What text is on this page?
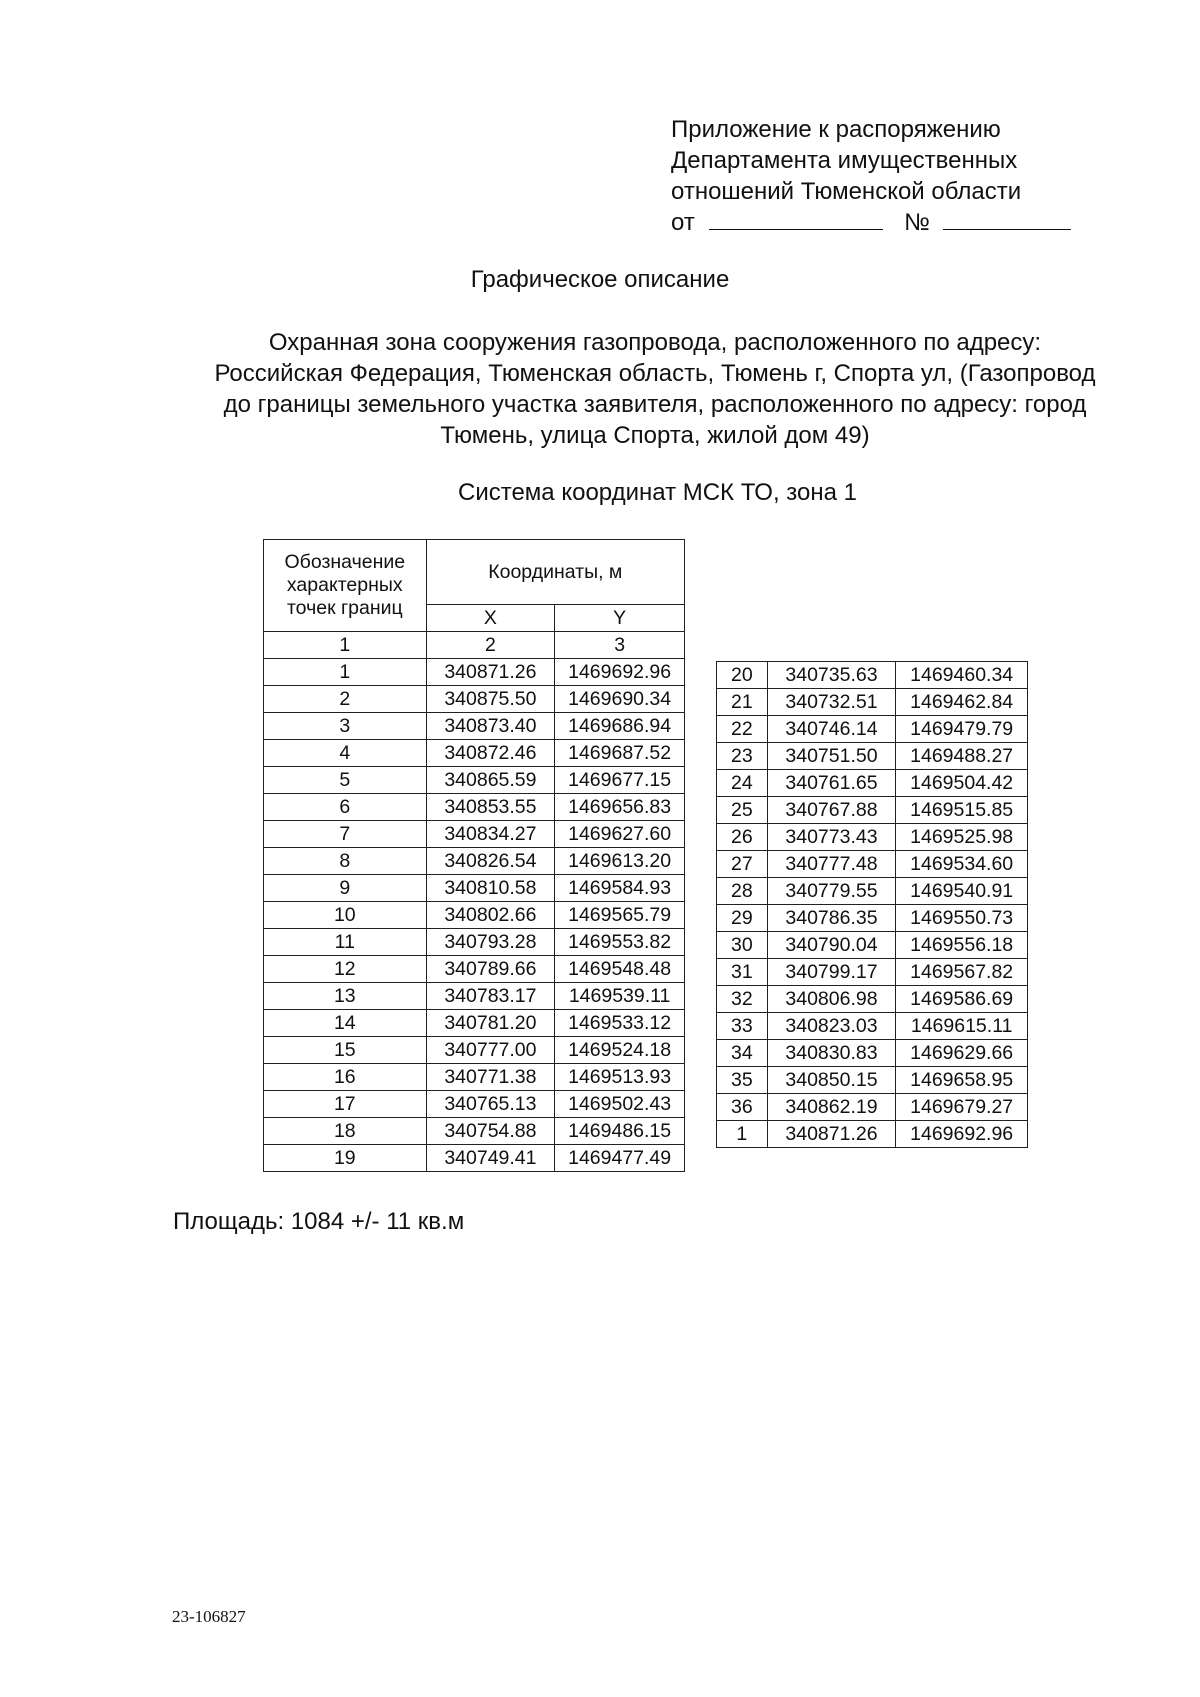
Приложение к распоряжению
Департамента имущественных
отношений Тюменской области
от	№
Графическое описание
Охранная зона сооружения газопровода, расположенного по адресу:
Российская Федерация, Тюменская область, Тюмень г, Спорта ул, (Газопровод
до границы земельного участка заявителя, расположенного по адресу: город
Тюмень, улица Спорта, жилой дом 49)
Система координат МСК ТО, зона 1
Обозначение
характерных
точек границ	Координаты, м	
	X	Y
1	2	3
1	340871.26	1469692.96
2	340875.50	1469690.34
3	340873.40	1469686.94
4	340872.46	1469687.52
5	340865.59	1469677.15
6	340853.55	1469656.83
7	340834.27	1469627.60
8	340826.54	1469613.20
9	340810.58	1469584.93
10	340802.66	1469565.79
11	340793.28	1469553.82
12	340789.66	1469548.48
13	340783.17	1469539.11
14	340781.20	1469533.12
15	340777.00	1469524.18
16	340771.38	1469513.93
17	340765.13	1469502.43
18	340754.88	1469486.15
19	340749.41	1469477.49
20	340735.63	1469460.34
21	340732.51	1469462.84
22	340746.14	1469479.79
23	340751.50	1469488.27
24	340761.65	1469504.42
25	340767.88	1469515.85
26	340773.43	1469525.98
27	340777.48	1469534.60
28	340779.55	1469540.91
29	340786.35	1469550.73
30	340790.04	1469556.18
31	340799.17	1469567.82
32	340806.98	1469586.69
33	340823.03	1469615.11
34	340830.83	1469629.66
35	340850.15	1469658.95
36	340862.19	1469679.27
1	340871.26	1469692.96
Площадь: 1084 +/- 11 кв.м
23-106827
